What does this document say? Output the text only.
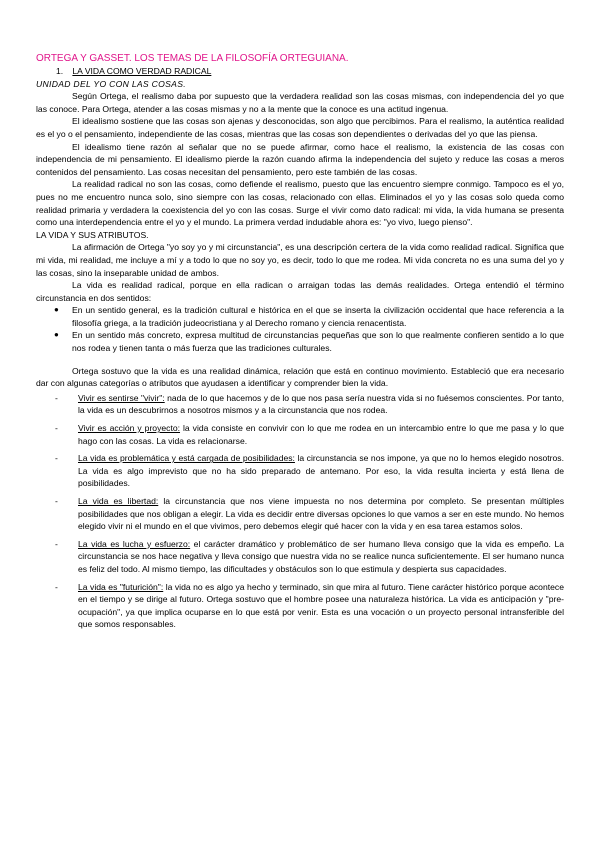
ORTEGA Y GASSET. LOS TEMAS DE LA FILOSOFÍA ORTEGUIANA.
1. LA VIDA COMO VERDAD RADICAL
UNIDAD DEL YO CON LAS COSAS.

Según Ortega, el realismo daba por supuesto que la verdadera realidad son las cosas mismas, con independencia del yo que las conoce. Para Ortega, atender a las cosas mismas y no a la mente que la conoce es una actitud ingenua.

El idealismo sostiene que las cosas son ajenas y desconocidas, son algo que percibimos. Para el realismo, la auténtica realidad es el yo o el pensamiento, independiente de las cosas, mientras que las cosas son dependientes o derivadas del yo que las piensa.

El idealismo tiene razón al señalar que no se puede afirmar, como hace el realismo, la existencia de las cosas con independencia de mi pensamiento. El idealismo pierde la razón cuando afirma la independencia del sujeto y reduce las cosas a meros contenidos del pensamiento. Las cosas necesitan del pensamiento, pero este también de las cosas.

La realidad radical no son las cosas, como defiende el realismo, puesto que las encuentro siempre conmigo. Tampoco es el yo, pues no me encuentro nunca solo, sino siempre con las cosas, relacionado con ellas. Eliminados el yo y las cosas solo queda como realidad primaria y verdadera la coexistencia del yo con las cosas. Surge el vivir como dato radical: mi vida, la vida humana se presenta como una interdependencia entre el yo y el mundo. La primera verdad indudable ahora es: "yo vivo, luego pienso".

LA VIDA Y SUS ATRIBUTOS.

La afirmación de Ortega "yo soy yo y mi circunstancia", es una descripción certera de la vida como realidad radical. Significa que mi vida, mi realidad, me incluye a mí y a todo lo que no soy yo, es decir, todo lo que me rodea. Mi vida concreta no es una suma del yo y las cosas, sino la inseparable unidad de ambos.

La vida es realidad radical, porque en ella radican o arraigan todas las demás realidades. Ortega entendió el término circunstancia en dos sentidos:

● En un sentido general, es la tradición cultural e histórica en el que se inserta la civilización occidental que hace referencia a la filosofía griega, a la tradición judeocristiana y al Derecho romano y ciencia renacentista.
● En un sentido más concreto, expresa multitud de circunstancias pequeñas que son lo que realmente confieren sentido a lo que nos rodea y tienen tanta o más fuerza que las tradiciones culturales.

Ortega sostuvo que la vida es una realidad dinámica, relación que está en continuo movimiento. Estableció que era necesario dar con algunas categorías o atributos que ayudasen a identificar y comprender bien la vida.

- Vivir es sentirse "vivir": nada de lo que hacemos y de lo que nos pasa sería nuestra vida si no fuésemos conscientes. Por tanto, la vida es un descubrirnos a nosotros mismos y a la circunstancia que nos rodea.
- Vivir es acción y proyecto: la vida consiste en convivir con lo que me rodea en un intercambio entre lo que me pasa y lo que hago con las cosas. La vida es relacionarse.
- La vida es problemática y está cargada de posibilidades: la circunstancia se nos impone, ya que no lo hemos elegido nosotros. La vida es algo imprevisto que no ha sido preparado de antemano. Por eso, la vida resulta incierta y está llena de posibilidades.
- La vida es libertad: la circunstancia que nos viene impuesta no nos determina por completo. Se presentan múltiples posibilidades que nos obligan a elegir. La vida es decidir entre diversas opciones lo que vamos a ser en este mundo. No hemos elegido vivir ni el mundo en el que vivimos, pero debemos elegir qué hacer con la vida y en esa tarea estamos solos.
- La vida es lucha y esfuerzo: el carácter dramático y problemático de ser humano lleva consigo que la vida es empeño. La circunstancia se nos hace negativa y lleva consigo que nuestra vida no se realice nunca suficientemente. El ser humano nunca es feliz del todo. Al mismo tiempo, las dificultades y obstáculos son lo que estimula y despierta sus capacidades.
- La vida es "futurición": la vida no es algo ya hecho y terminado, sin que mira al futuro. Tiene carácter histórico porque acontece en el tiempo y se dirige al futuro. Ortega sostuvo que el hombre posee una naturaleza histórica. La vida es anticipación y "pre-ocupación", ya que implica ocuparse en lo que está por venir. Esta es una vocación o un proyecto personal intransferible del que somos responsables.
